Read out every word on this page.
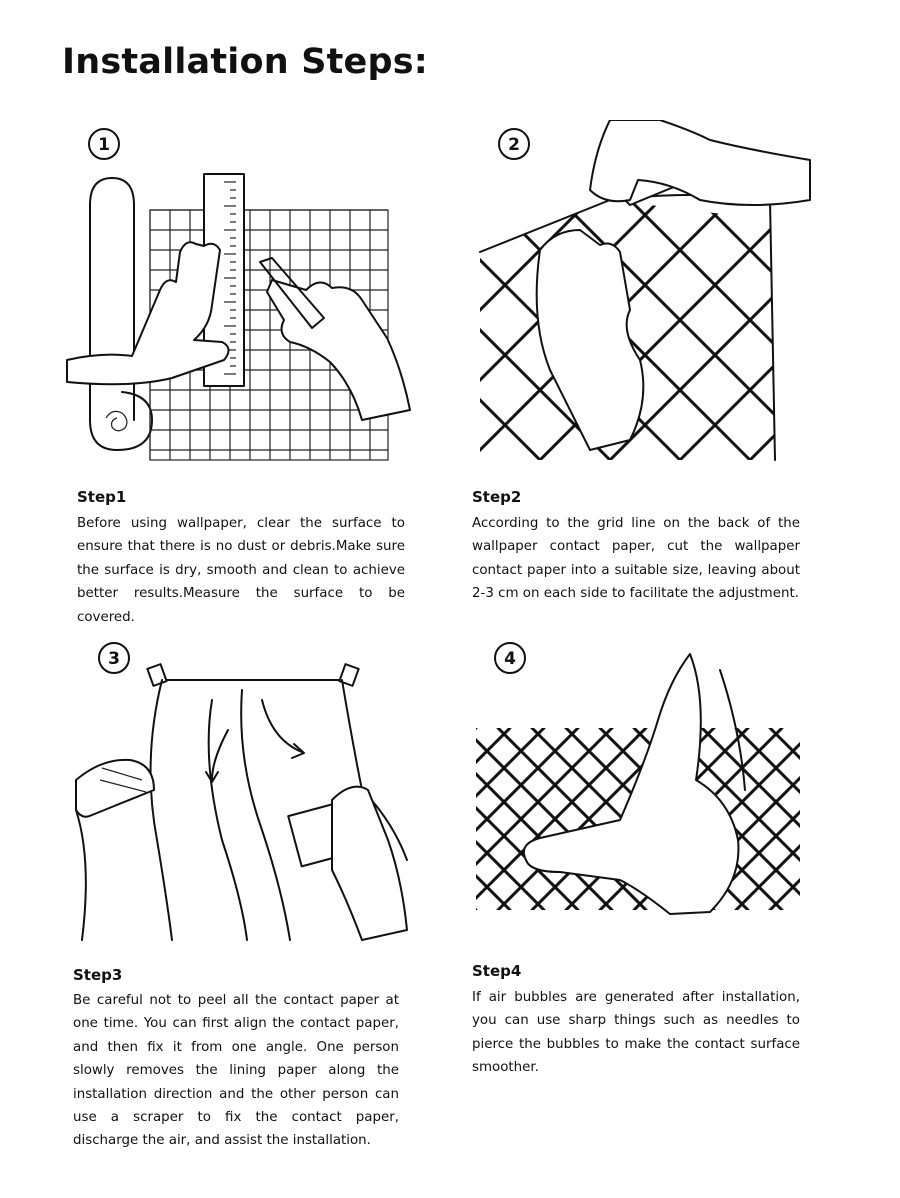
Installation Steps:
1	2
3	4
Step1

Before using wallpaper, clear the surface to ensure that there is no dust or debris.Make sure the surface is dry, smooth and clean to achieve better results.Measure the surface to be covered.

Step2

According to the grid line on the back of the wallpaper contact paper, cut the wallpaper contact paper into a suitable size, leaving about 2-3 cm on each side to facilitate the adjustment.

Step3

Be careful not to peel all the contact paper at one time. You can first align the contact paper, and then fix it from one angle. One person slowly removes the lining paper along the installation direction and the other person can use a scraper to fix the contact paper, discharge the air, and assist the installation.

Step4

If air bubbles are generated after installation, you can use sharp things such as needles to pierce the bubbles to make the contact surface smoother.
